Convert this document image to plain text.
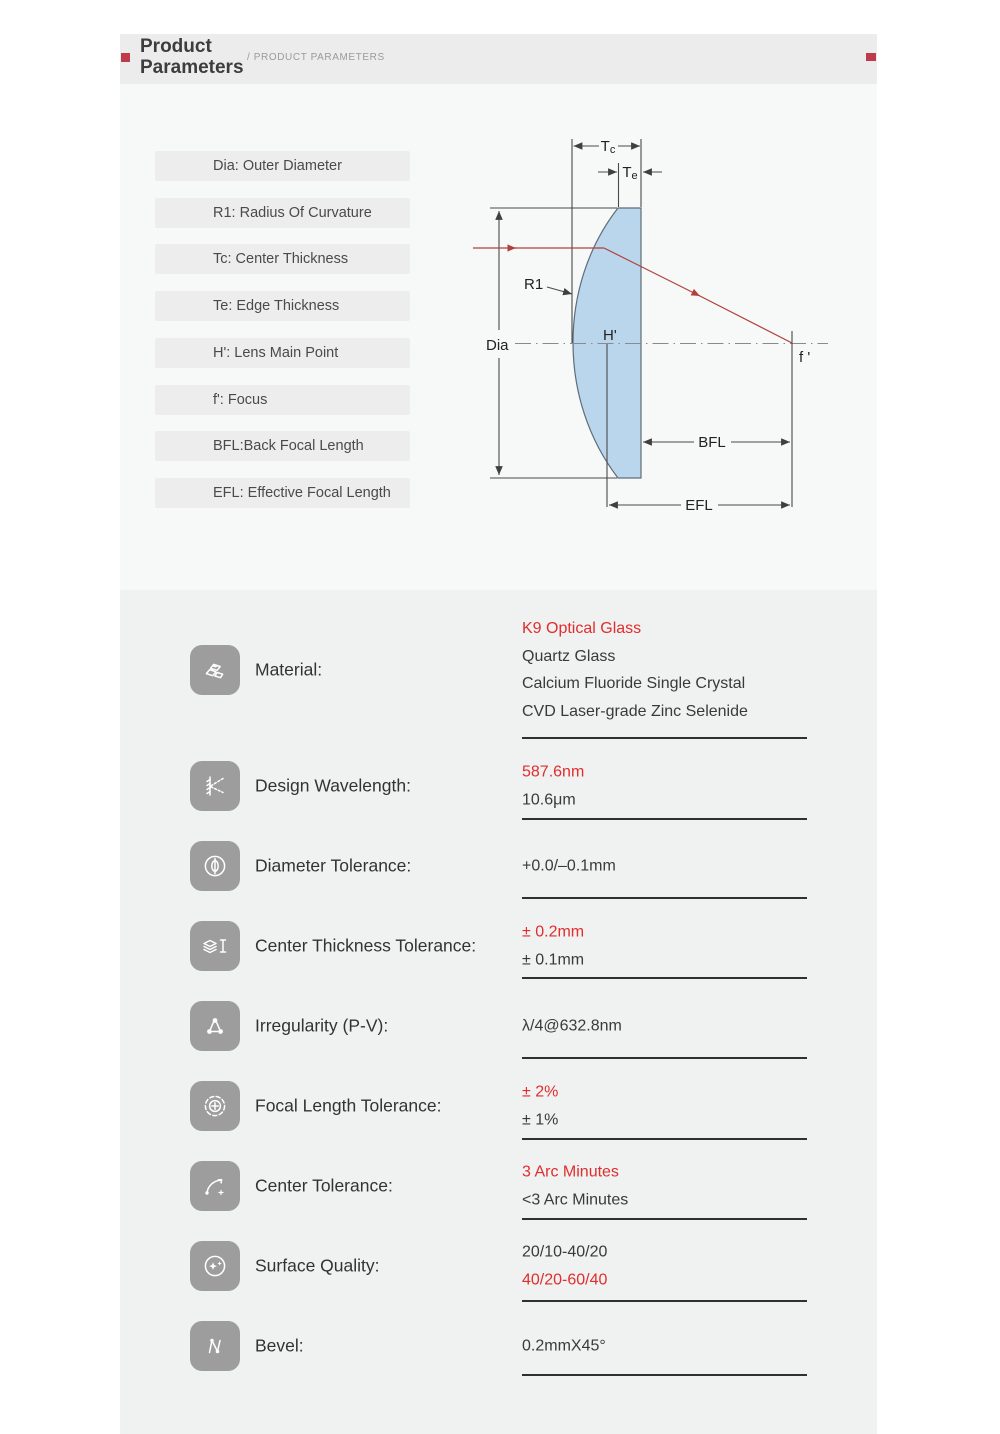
Product
Parameters / PRODUCT PARAMETERS
Dia: Outer Diameter
R1: Radius Of Curvature
Tc: Center Thickness
Te: Edge Thickness
H': Lens Main Point
f': Focus
BFL:Back Focal Length
EFL: Effective Focal Length
Tc
Te
Dia
R1
H'
f '
BFL
EFL
Material:
K9 Optical Glass
Quartz Glass
Calcium Fluoride Single Crystal
CVD Laser-grade Zinc Selenide
Design Wavelength:
587.6nm
10.6μm
Diameter Tolerance:	+0.0/–0.1mm
Center Thickness Tolerance:
± 0.2mm
± 0.1mm
Irregularity (P-V):	λ/4@632.8nm
Focal Length Tolerance:
± 2%
± 1%
Center Tolerance:
3 Arc Minutes
<3 Arc Minutes
Surface Quality:
20/10-40/20
40/20-60/40
Bevel:	0.2mmX45°
